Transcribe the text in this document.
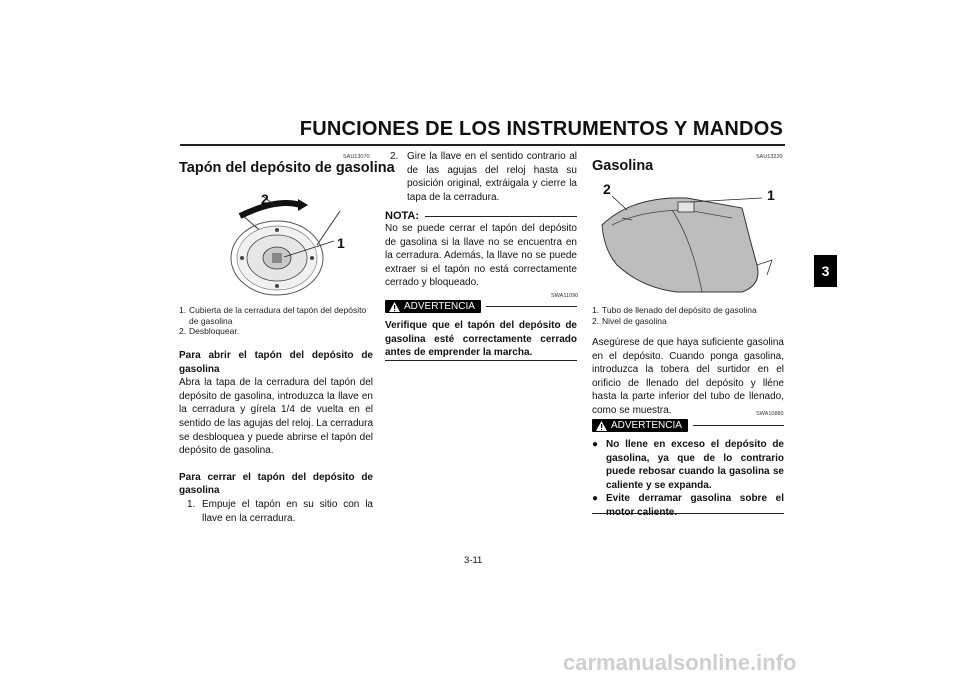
FUNCIONES DE LOS INSTRUMENTOS Y MANDOS
3
SAU13070
Tapón del depósito de gasolina
2
1
1. Cubierta de la cerradura del tapón del depósito de gasolina
2. Desbloquear.
Para abrir el tapón del depósito de gasolina
Abra la tapa de la cerradura del tapón del depósito de gasolina, introduzca la llave en la cerradura y gírela 1/4 de vuelta en el sentido de las agujas del reloj. La cerradura se desbloquea y puede abrirse el tapón del depósito de gasolina.
Para cerrar el tapón del depósito de gasolina
1. Empuje el tapón en su sitio con la llave en la cerradura.
2. Gire la llave en el sentido contrario al de las agujas del reloj hasta su posición original, extráigala y cierre la tapa de la cerradura.
NOTA:
No se puede cerrar el tapón del depósito de gasolina si la llave no se encuentra en la cerradura. Además, la llave no se puede extraer si el tapón no está correctamente cerrado y bloqueado.
SWA11090
ADVERTENCIA
Verifique que el tapón del depósito de gasolina esté correctamente cerrado antes de emprender la marcha.
SAU13220
Gasolina
2	1
1. Tubo de llenado del depósito de gasolina
2. Nivel de gasolina
Asegúrese de que haya suficiente gasolina en el depósito. Cuando ponga gasolina, introduzca la tobera del surtidor en el orificio de llenado del depósito y lléne hasta la parte inferior del tubo de llenado, como se muestra.	SWA10880
ADVERTENCIA
● No llene en exceso el depósito de gasolina, ya que de lo contrario puede rebosar cuando la gasolina se caliente y se expanda.
● Evite derramar gasolina sobre el
3-11
carmanualsonline.info
